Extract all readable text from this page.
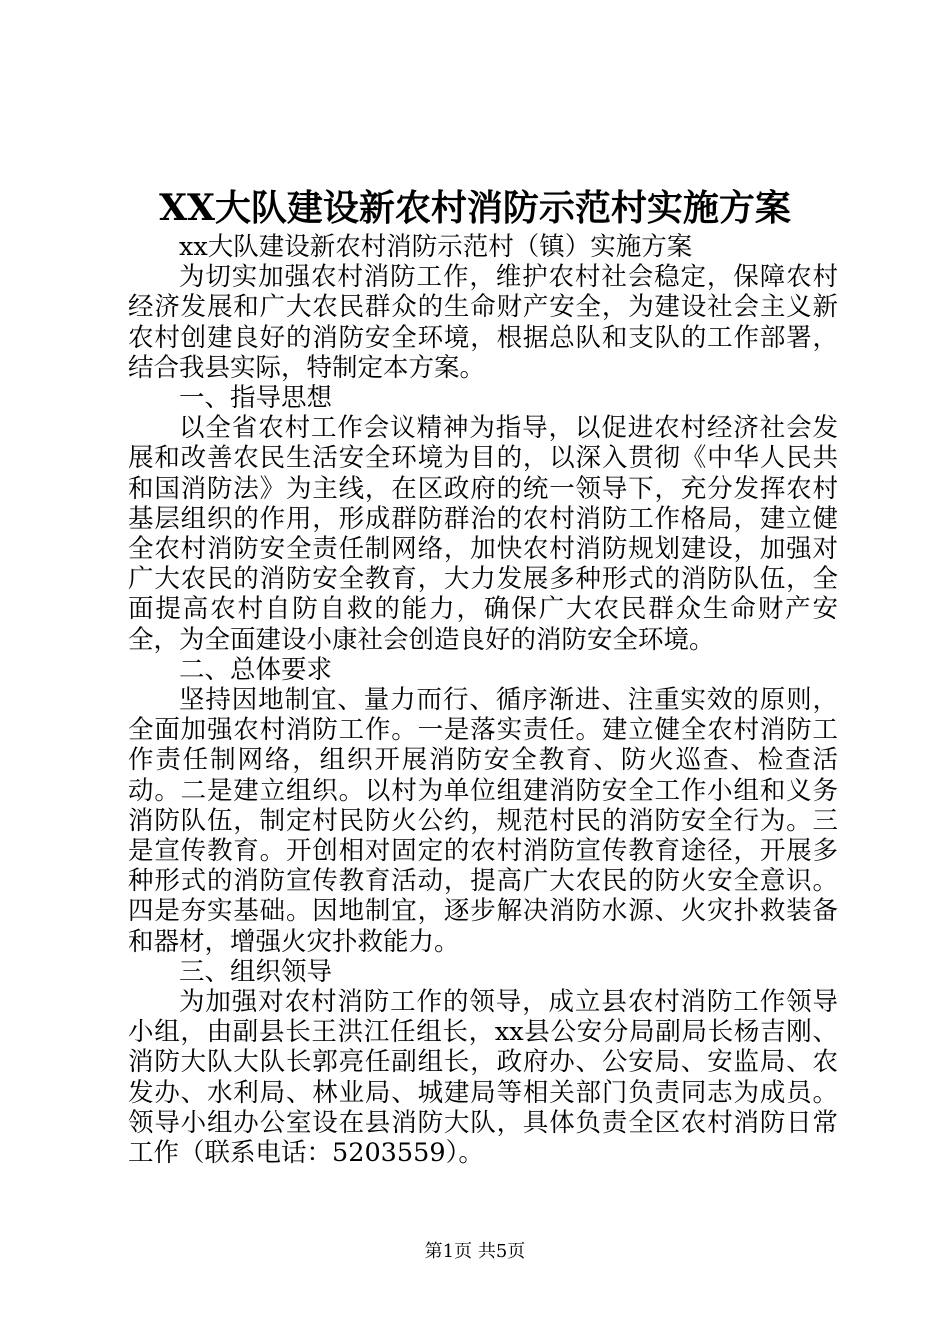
XX大队建设新农村消防示范村实施方案

xx大队建设新农村消防示范村（镇）实施方案

为切实加强农村消防工作，维护农村社会稳定，保障农村经济发展和广大农民群众的生命财产安全，为建设社会主义新农村创建良好的消防安全环境，根据总队和支队的工作部署，结合我县实际，特制定本方案。

一、指导思想

以全省农村工作会议精神为指导，以促进农村经济社会发展和改善农民生活安全环境为目的，以深入贯彻《中华人民共和国消防法》为主线，在区政府的统一领导下，充分发挥农村基层组织的作用，形成群防群治的农村消防工作格局，建立健全农村消防安全责任制网络，加快农村消防规划建设，加强对广大农民的消防安全教育，大力发展多种形式的消防队伍，全面提高农村自防自救的能力，确保广大农民群众生命财产安全，为全面建设小康社会创造良好的消防安全环境。

二、总体要求

坚持因地制宜、量力而行、循序渐进、注重实效的原则，全面加强农村消防工作。一是落实责任。建立健全农村消防工作责任制网络，组织开展消防安全教育、防火巡查、检查活动。二是建立组织。以村为单位组建消防安全工作小组和义务消防队伍，制定村民防火公约，规范村民的消防安全行为。三是宣传教育。开创相对固定的农村消防宣传教育途径，开展多种形式的消防宣传教育活动，提高广大农民的防火安全意识。四是夯实基础。因地制宜，逐步解决消防水源、火灾扑救装备和器材，增强火灾扑救能力。

三、组织领导

为加强对农村消防工作的领导，成立县农村消防工作领导小组，由副县长王洪江任组长，xx县公安分局副局长杨吉刚、消防大队大队长郭亮任副组长，政府办、公安局、安监局、农发办、水利局、林业局、城建局等相关部门负责同志为成员。领导小组办公室设在县消防大队，具体负责全区农村消防日常工作（联系电话：5203559）。

第1页 共5页
